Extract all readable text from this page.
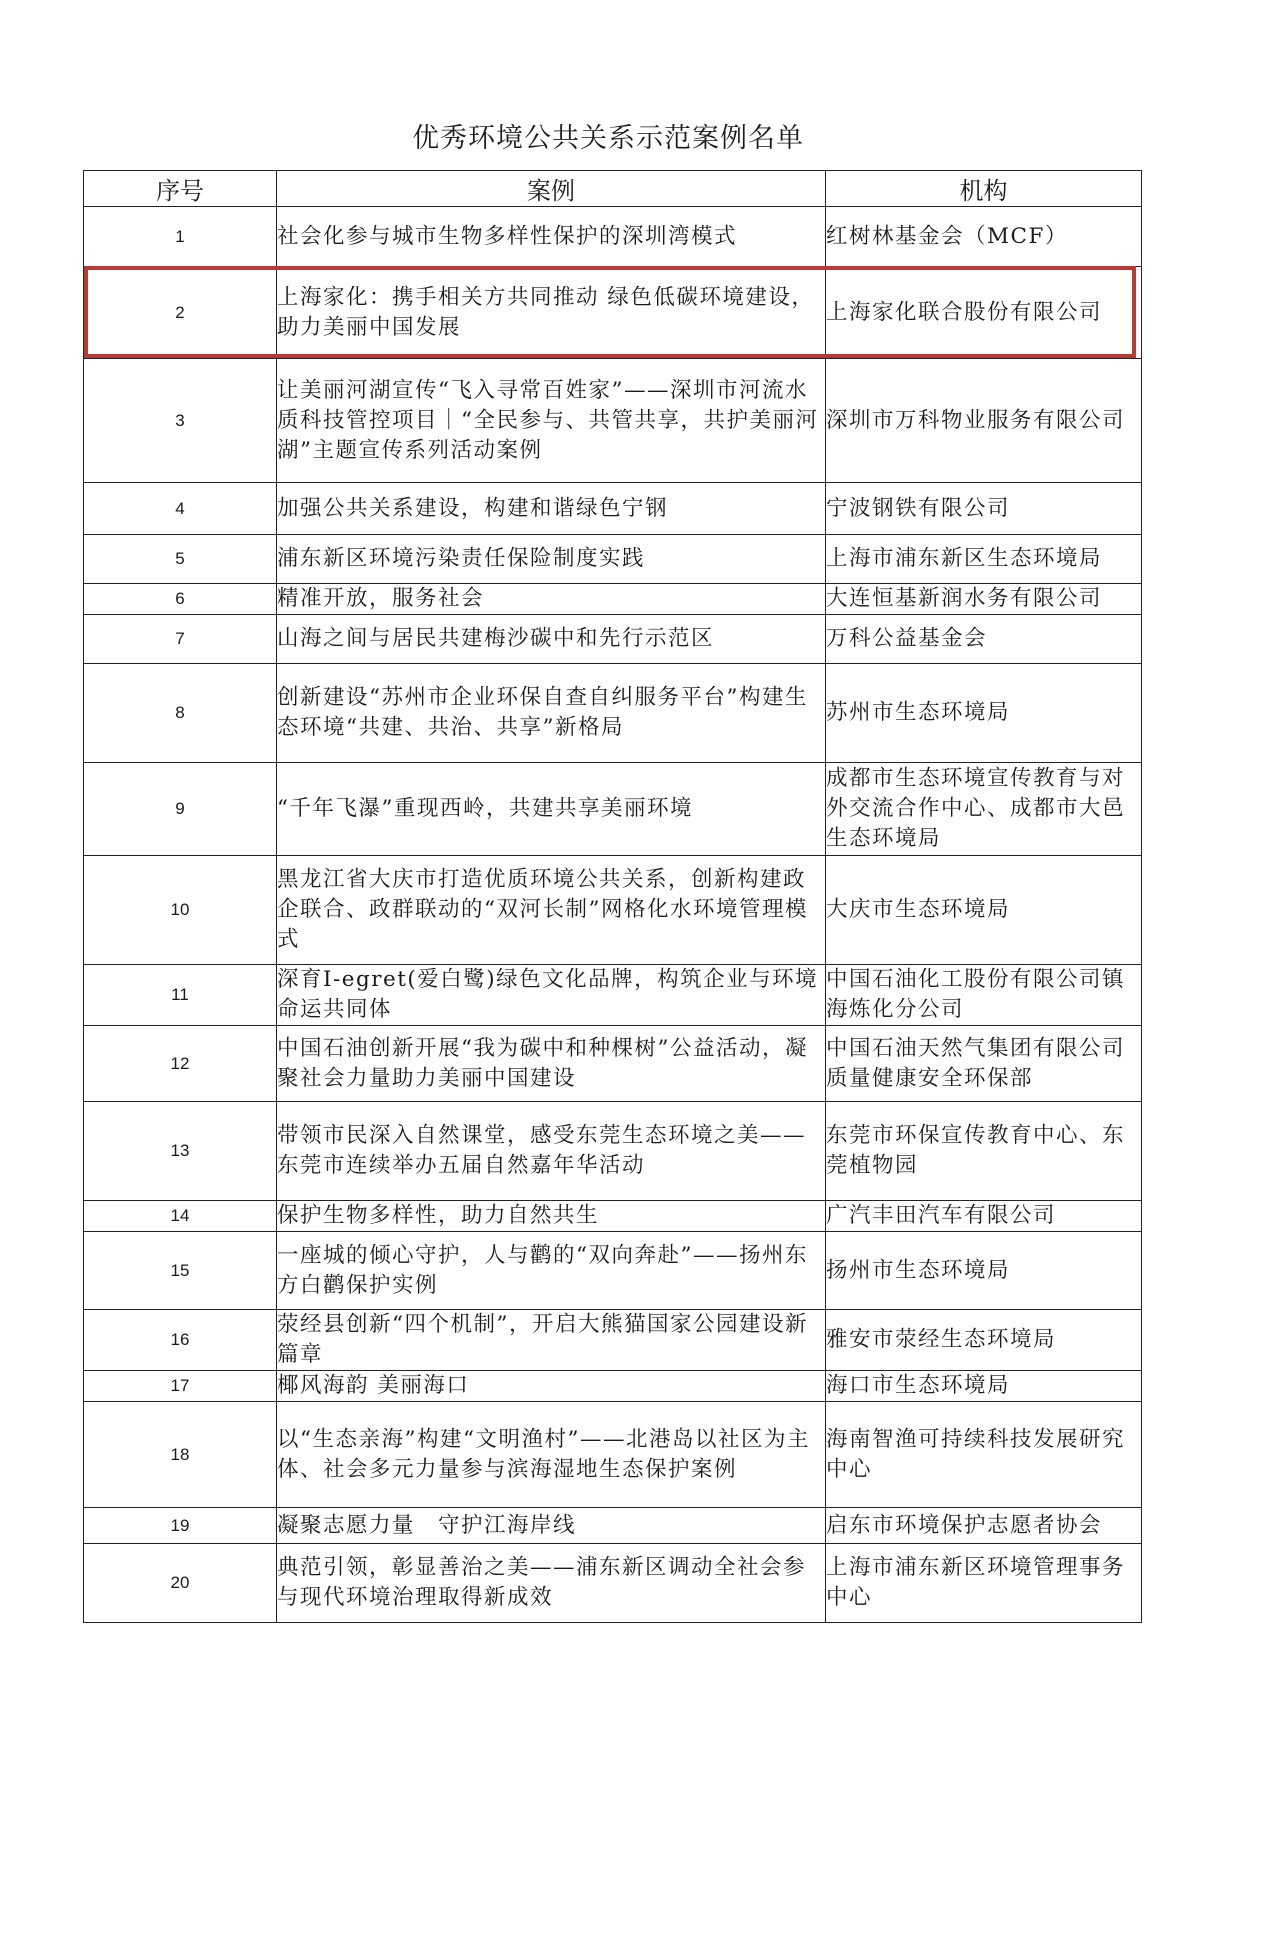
优秀环境公共关系示范案例名单
序号	案例	机构
1	社会化参与城市生物多样性保护的深圳湾模式	红树林基金会（MCF）
2	上海家化：携手相关方共同推动 绿色低碳环境建设，助力美丽中国发展	上海家化联合股份有限公司
3	让美丽河湖宣传“飞入寻常百姓家”——深圳市河流水质科技管控项目｜“全民参与、共管共享，共护美丽河湖”主题宣传系列活动案例	深圳市万科物业服务有限公司
4	加强公共关系建设，构建和谐绿色宁钢	宁波钢铁有限公司
5	浦东新区环境污染责任保险制度实践	上海市浦东新区生态环境局
6	精准开放，服务社会	大连恒基新润水务有限公司
7	山海之间与居民共建梅沙碳中和先行示范区	万科公益基金会
8	创新建设“苏州市企业环保自查自纠服务平台”构建生态环境“共建、共治、共享”新格局	苏州市生态环境局
9	“千年飞瀑”重现西岭，共建共享美丽环境	成都市生态环境宣传教育与对外交流合作中心、成都市大邑生态环境局
10	黑龙江省大庆市打造优质环境公共关系，创新构建政企联合、政群联动的“双河长制”网格化水环境管理模式	大庆市生态环境局
11	深育I-egret(爱白鹭)绿色文化品牌，构筑企业与环境命运共同体	中国石油化工股份有限公司镇海炼化分公司
12	中国石油创新开展“我为碳中和种棵树”公益活动，凝聚社会力量助力美丽中国建设	中国石油天然气集团有限公司质量健康安全环保部
13	带领市民深入自然课堂，感受东莞生态环境之美——东莞市连续举办五届自然嘉年华活动	东莞市环保宣传教育中心、东莞植物园
14	保护生物多样性，助力自然共生	广汽丰田汽车有限公司
15	一座城的倾心守护，人与鹳的“双向奔赴”——扬州东方白鹳保护实例	扬州市生态环境局
16	荥经县创新“四个机制”，开启大熊猫国家公园建设新篇章	雅安市荥经生态环境局
17	椰风海韵 美丽海口	海口市生态环境局
18	以“生态亲海”构建“文明渔村”——北港岛以社区为主体、社会多元力量参与滨海湿地生态保护案例	海南智渔可持续科技发展研究中心
19	凝聚志愿力量　守护江海岸线	启东市环境保护志愿者协会
20	典范引领，彰显善治之美——浦东新区调动全社会参与现代环境治理取得新成效	上海市浦东新区环境管理事务中心
